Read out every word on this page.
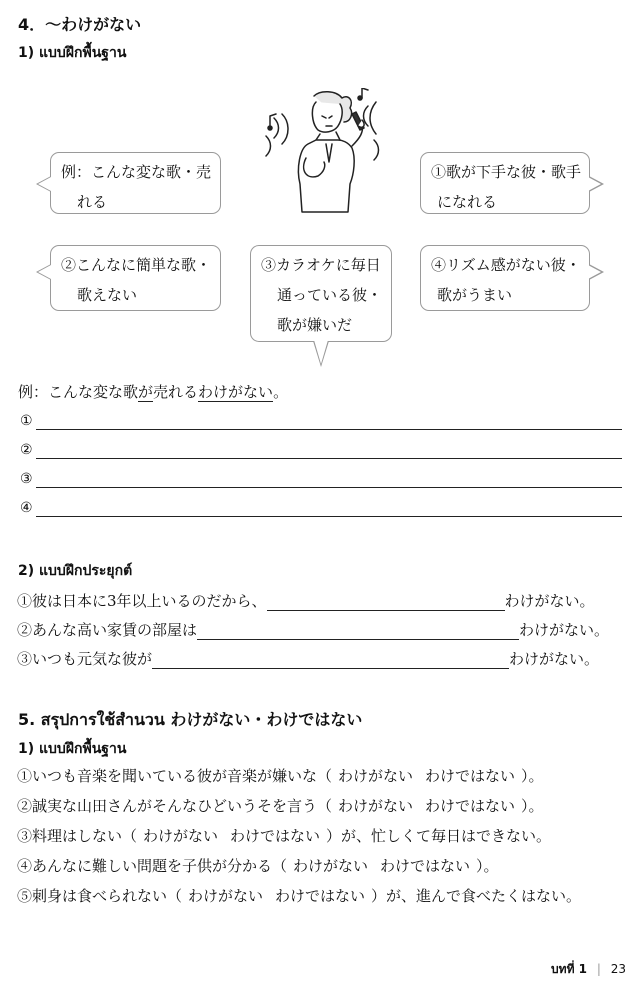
4．～わけがない
1) แบบฝึกพื้นฐาน
例：こんな変な歌・売
れる
①歌が下手な彼・歌手
になれる
②こんなに簡単な歌・
歌えない
③カラオケに毎日
通っている彼・
歌が嫌いだ
④リズム感がない彼・
歌がうまい
例：こんな変な歌が売れるわけがない。
①
②
③
④
2) แบบฝึกประยุกต์
①彼は日本に3年以上いるのだから、	わけがない。
②あんな高い家賃の部屋は	わけがない。
③いつも元気な彼が	わけがない。
5. สรุปการใช้สำนวน わけがない・わけではない
1) แบบฝึกพื้นฐาน
①いつも音楽を聞いている彼が音楽が嫌いな（ わけがない わけではない ）。
②誠実な山田さんがそんなひどいうそを言う（ わけがない わけではない ）。
③料理はしない（ わけがない わけではない ）が、忙しくて毎日はできない。
④あんなに難しい問題を子供が分かる（ わけがない わけではない ）。
⑤刺身は食べられない（ わけがない わけではない ）が、進んで食べたくはない。
บทที่ 1 | 23
